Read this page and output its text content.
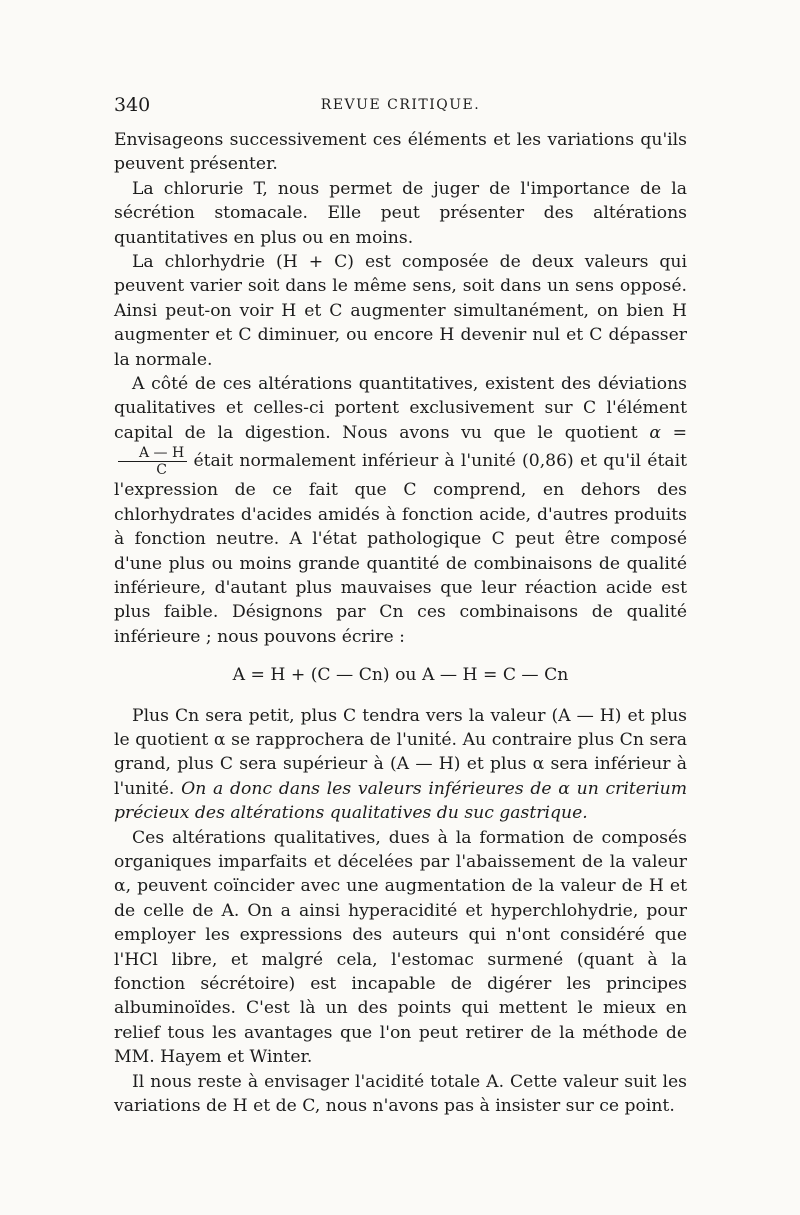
340	REVUE CRITIQUE.

Envisageons successivement ces éléments et les variations qu'ils peuvent présenter.

La chlorurie T, nous permet de juger de l'importance de la sécrétion stomacale. Elle peut présenter des altérations quantitatives en plus ou en moins.

La chlorhydrie (H + C) est composée de deux valeurs qui peuvent varier soit dans le même sens, soit dans un sens opposé. Ainsi peut-on voir H et C augmenter simultanément, on bien H augmenter et C diminuer, ou encore H devenir nul et C dépasser la normale.

A côté de ces altérations quantitatives, existent des déviations qualitatives et celles-ci portent exclusivement sur C l'élément capital de la digestion. Nous avons vu que le quotient α =
$\frac{A — H}{C}$ était normalement inférieur à l'unité (0,86) et qu'il était l'expression de ce fait que C comprend, en dehors des chlorhydrates d'acides amidés à fonction acide, d'autres produits à fonction neutre. A l'état pathologique C peut être composé d'une plus ou moins grande quantité de combinaisons de qualité inférieure, d'autant plus mauvaises que leur réaction acide est plus faible. Désignons par Cn ces combinaisons de qualité inférieure ; nous pouvons écrire :

A = H + (C — Cn) ou A — H = C — Cn

Plus Cn sera petit, plus C tendra vers la valeur (A — H) et plus le quotient α se rapprochera de l'unité. Au contraire plus Cn sera grand, plus C sera supérieur à (A — H) et plus α sera inférieur à l'unité. On a donc dans les valeurs inférieures de α un criterium précieux des altérations qualitatives du suc gastrique.

Ces altérations qualitatives, dues à la formation de composés organiques imparfaits et décelées par l'abaissement de la valeur α, peuvent coïncider avec une augmentation de la valeur de H et de celle de A. On a ainsi hyperacidité et hyperchlohydrie, pour employer les expressions des auteurs qui n'ont considéré que l'HCl libre, et malgré cela, l'estomac surmené (quant à la fonction sécrétoire) est incapable de digérer les principes albuminoïdes. C'est là un des points qui mettent le mieux en relief tous les avantages que l'on peut retirer de la méthode de MM. Hayem et Winter.

Il nous reste à envisager l'acidité totale A. Cette valeur suit les variations de H et de C, nous n'avons pas à insister sur ce point.
